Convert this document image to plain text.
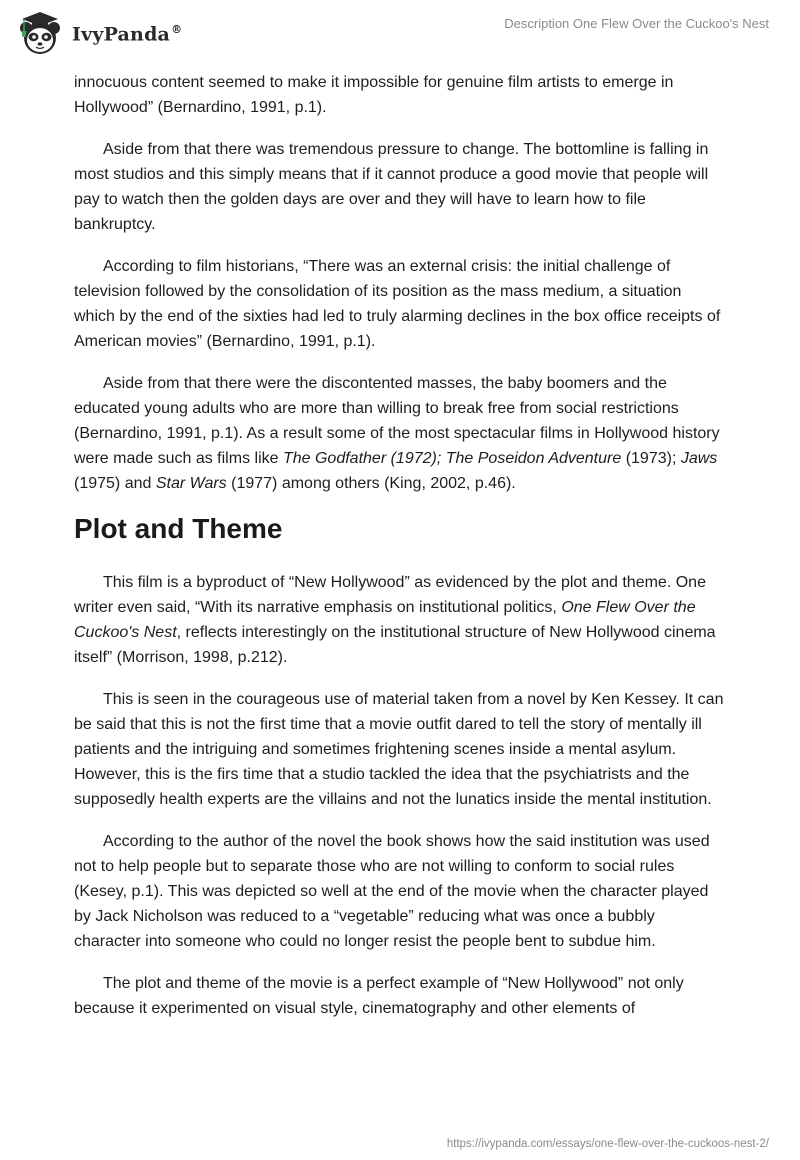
IvyPanda®	Description One Flew Over the Cuckoo's Nest

innocuous content seemed to make it impossible for genuine film artists to emerge in Hollywood” (Bernardino, 1991, p.1).

Aside from that there was tremendous pressure to change. The bottomline is falling in most studios and this simply means that if it cannot produce a good movie that people will pay to watch then the golden days are over and they will have to learn how to file bankruptcy.

According to film historians, “There was an external crisis: the initial challenge of television followed by the consolidation of its position as the mass medium, a situation which by the end of the sixties had led to truly alarming declines in the box office receipts of American movies” (Bernardino, 1991, p.1).

Aside from that there were the discontented masses, the baby boomers and the educated young adults who are more than willing to break free from social restrictions (Bernardino, 1991, p.1). As a result some of the most spectacular films in Hollywood history were made such as films like The Godfather (1972); The Poseidon Adventure (1973); Jaws (1975) and Star Wars (1977) among others (King, 2002, p.46).

Plot and Theme

This film is a byproduct of “New Hollywood” as evidenced by the plot and theme. One writer even said, “With its narrative emphasis on institutional politics, One Flew Over the Cuckoo's Nest, reflects interestingly on the institutional structure of New Hollywood cinema itself” (Morrison, 1998, p.212).

This is seen in the courageous use of material taken from a novel by Ken Kessey. It can be said that this is not the first time that a movie outfit dared to tell the story of mentally ill patients and the intriguing and sometimes frightening scenes inside a mental asylum. However, this is the firs time that a studio tackled the idea that the psychiatrists and the supposedly health experts are the villains and not the lunatics inside the mental institution.

According to the author of the novel the book shows how the said institution was used not to help people but to separate those who are not willing to conform to social rules (Kesey, p.1). This was depicted so well at the end of the movie when the character played by Jack Nicholson was reduced to a “vegetable” reducing what was once a bubbly character into someone who could no longer resist the people bent to subdue him.

The plot and theme of the movie is a perfect example of “New Hollywood” not only because it experimented on visual style, cinematography and other elements of

https://ivypanda.com/essays/one-flew-over-the-cuckoos-nest-2/
